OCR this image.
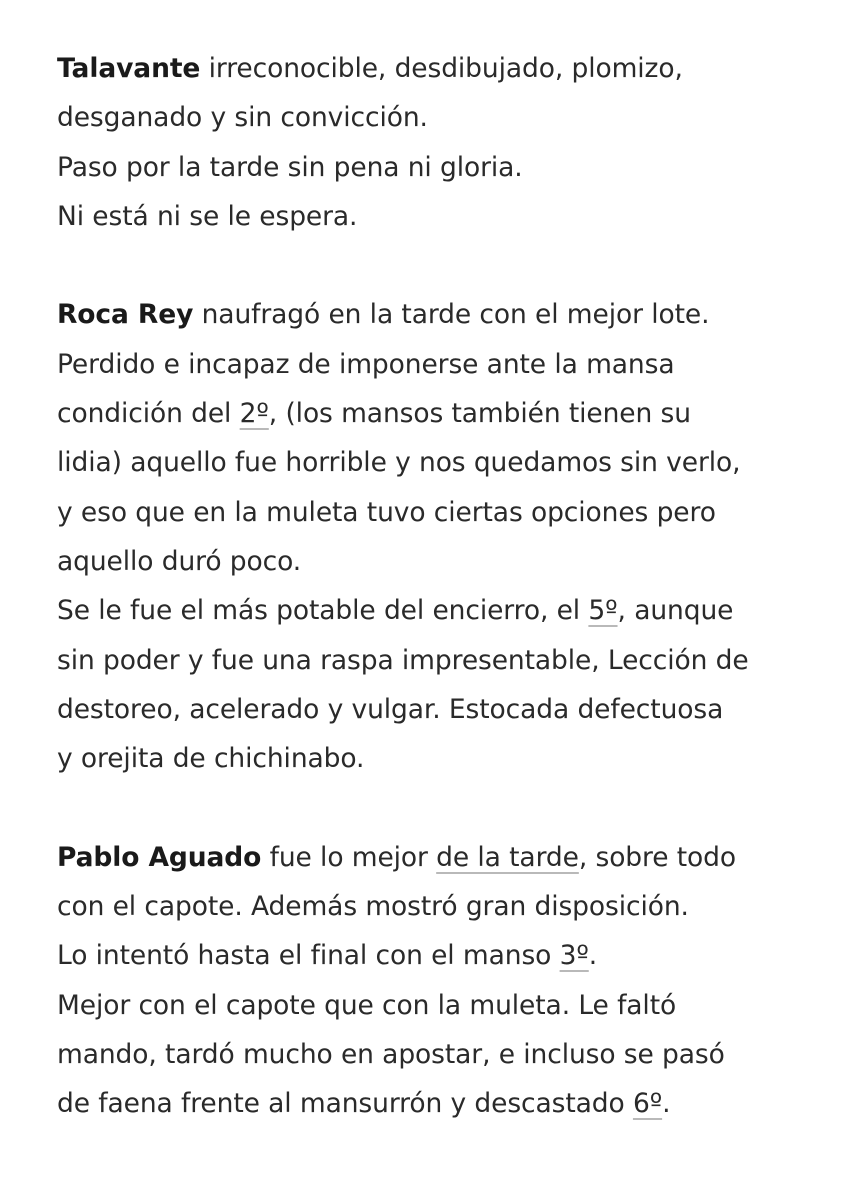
Talavante irreconocible, desdibujado, plomizo,
desganado y sin convicción.
Paso por la tarde sin pena ni gloria.
Ni está ni se le espera.
Roca Rey naufragó en la tarde con el mejor lote.
Perdido e incapaz de imponerse ante la mansa
condición del 2º, (los mansos también tienen su
lidia) aquello fue horrible y nos quedamos sin verlo,
y eso que en la muleta tuvo ciertas opciones pero
aquello duró poco.
Se le fue el más potable del encierro, el 5º, aunque
sin poder y fue una raspa impresentable, Lección de
destoreo, acelerado y vulgar. Estocada defectuosa
y orejita de chichinabo.
Pablo Aguado fue lo mejor de la tarde, sobre todo
con el capote. Además mostró gran disposición.
Lo intentó hasta el final con el manso 3º.
Mejor con el capote que con la muleta. Le faltó
mando, tardó mucho en apostar, e incluso se pasó
de faena frente al mansurrón y descastado 6º.
